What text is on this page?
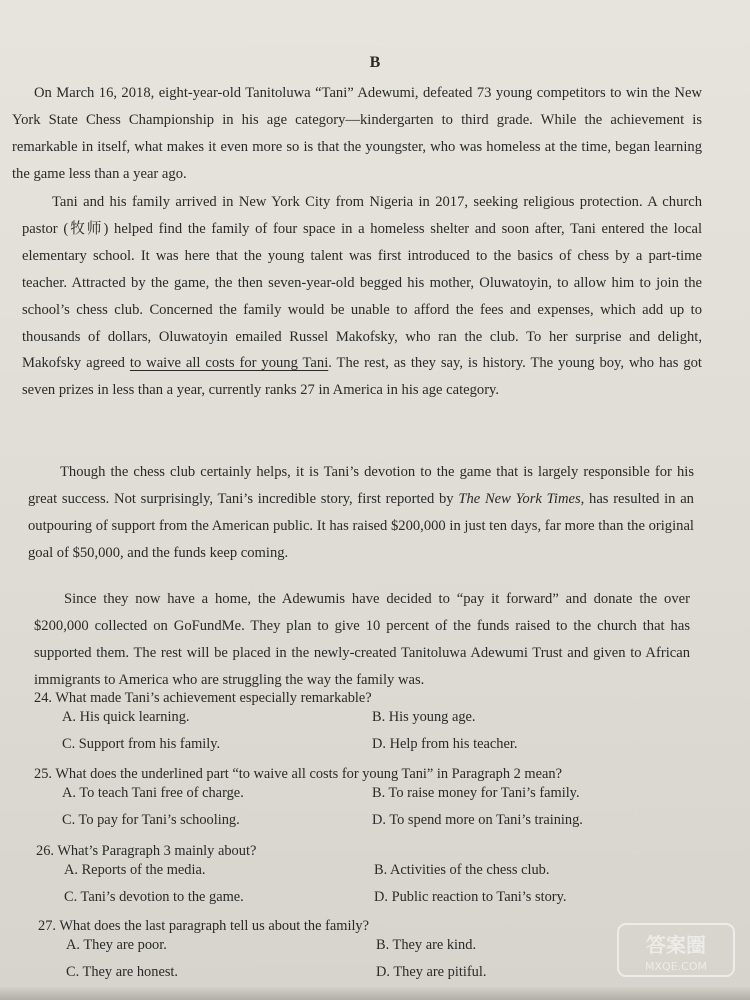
B

On March 16, 2018, eight-year-old Tanitoluwa “Tani” Adewumi, defeated 73 young competitors to win the New York State Chess Championship in his age category—kindergarten to third grade. While the achievement is remarkable in itself, what makes it even more so is that the youngster, who was homeless at the time, began learning the game less than a year ago.

Tani and his family arrived in New York City from Nigeria in 2017, seeking religious protection. A church pastor (牧师) helped find the family of four space in a homeless shelter and soon after, Tani entered the local elementary school. It was here that the young talent was first introduced to the basics of chess by a part-time teacher. Attracted by the game, the then seven-year-old begged his mother, Oluwatoyin, to allow him to join the school’s chess club. Concerned the family would be unable to afford the fees and expenses, which add up to thousands of dollars, Oluwatoyin emailed Russel Makofsky, who ran the club. To her surprise and delight, Makofsky agreed to waive all costs for young Tani. The rest, as they say, is history. The young boy, who has got seven prizes in less than a year, currently ranks 27 in America in his age category.

Though the chess club certainly helps, it is Tani’s devotion to the game that is largely responsible for his great success. Not surprisingly, Tani’s incredible story, first reported by The New York Times, has resulted in an outpouring of support from the American public. It has raised $200,000 in just ten days, far more than the original goal of $50,000, and the funds keep coming.

Since they now have a home, the Adewumis have decided to “pay it forward” and donate the over $200,000 collected on GoFundMe. They plan to give 10 percent of the funds raised to the church that has supported them. The rest will be placed in the newly-created Tanitoluwa Adewumi Trust and given to African immigrants to America who are struggling the way the family was.

24. What made Tani’s achievement especially remarkable?
A. His quick learning.	B. His young age.
C. Support from his family.	D. Help from his teacher.
25. What does the underlined part “to waive all costs for young Tani” in Paragraph 2 mean?
A. To teach Tani free of charge.	B. To raise money for Tani’s family.
C. To pay for Tani’s schooling.	D. To spend more on Tani’s training.
26. What’s Paragraph 3 mainly about?
A. Reports of the media.	B. Activities of the chess club.
C. Tani’s devotion to the game.	D. Public reaction to Tani’s story.
27. What does the last paragraph tell us about the family?
A. They are poor.	B. They are kind.
C. They are honest.	D. They are pitiful.
答案圈
MXQE.COM
